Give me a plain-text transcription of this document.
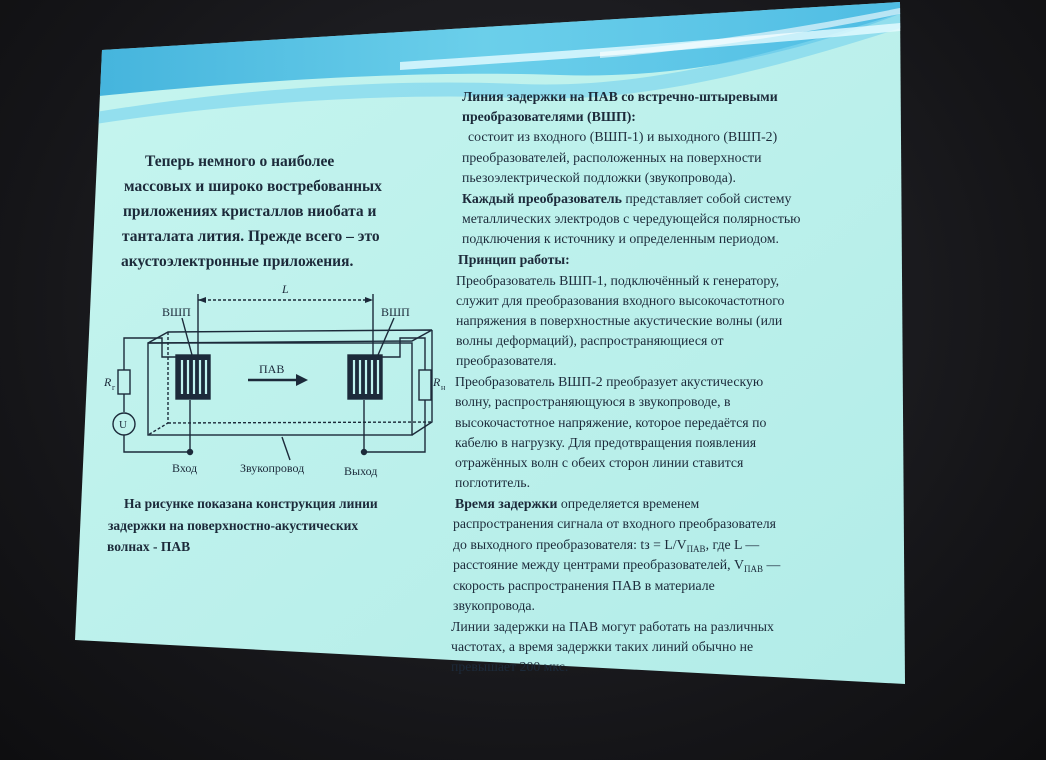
Теперь немного о наиболее
массовых и широко востребованных
приложениях кристаллов ниобата и
танталата лития. Прежде всего – это
акустоэлектронные приложения.
L
ВШП	ВШП
ПАВ
R г	R н
U
Вход	Звукопровод	Выход
На рисунке показана конструкция линии
задержки на поверхностно-акустических
волнах - ПАВ
Линия задержки на ПАВ со встречно-штыревыми
преобразователями (ВШП):
состоит из входного (ВШП-1) и выходного (ВШП-2)
преобразователей, расположенных на поверхности
пьезоэлектрической подложки (звукопровода).
Каждый преобразователь представляет собой систему
металлических электродов с чередующейся полярностью
подключения к источнику и определенным периодом.
Принцип работы:
Преобразователь ВШП-1, подключённый к генератору,
служит для преобразования входного высокочастотного
напряжения в поверхностные акустические волны (или
волны деформаций), распространяющиеся от
преобразователя.
Преобразователь ВШП-2 преобразует акустическую
волну, распространяющуюся в звукопроводе, в
высокочастотное напряжение, которое передаётся по
кабелю в нагрузку. Для предотвращения появления
отражённых волн с обеих сторон линии ставится
поглотитель.
Время задержки определяется временем
распространения сигнала от входного преобразователя
до выходного преобразователя: tз = $L/V_{ПАВ}$, где L —
расстояние между центрами преобразователей, $V_{ПАВ}$ —
скорость распространения ПАВ в материале
звукопровода.
Линии задержки на ПАВ могут работать на различных
частотах, а время задержки таких линий обычно не
превышает 200 мкс.
